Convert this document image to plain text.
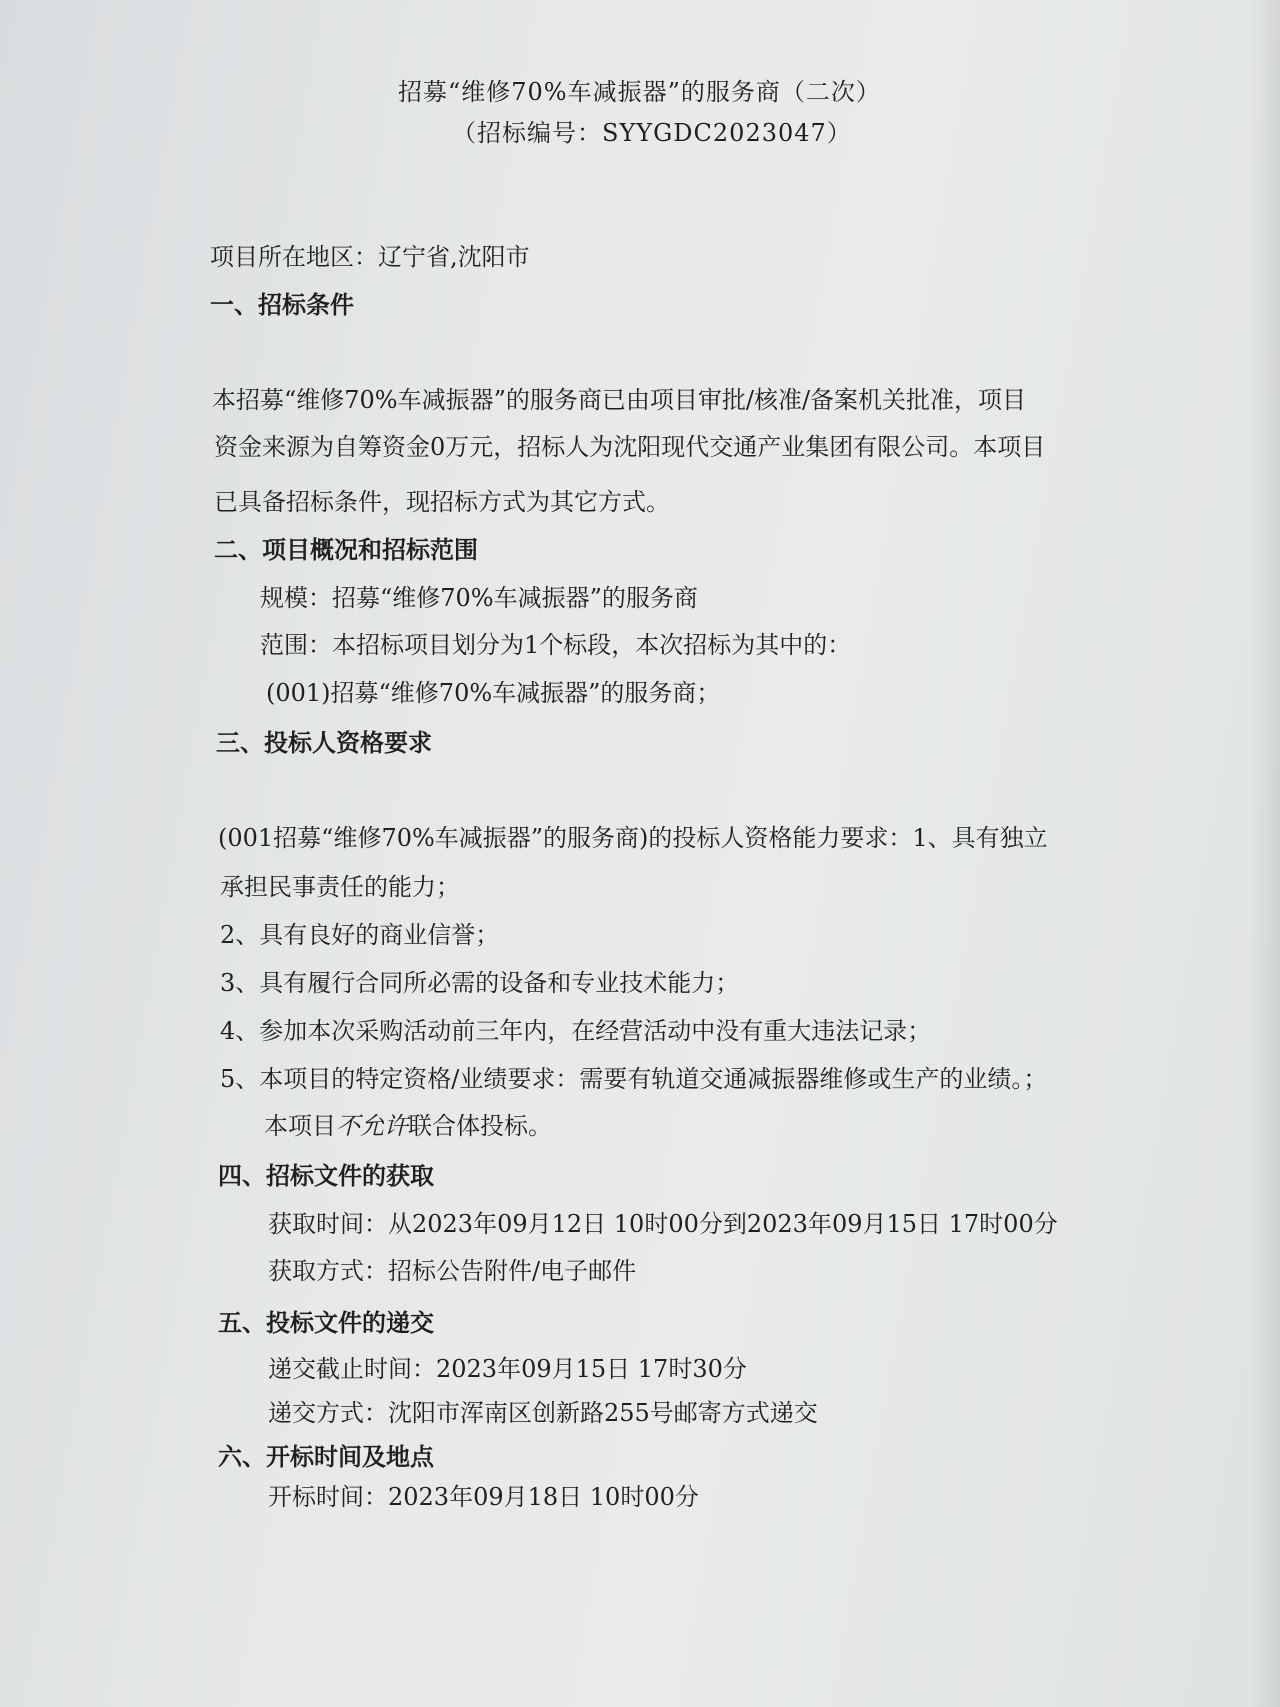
招募“维修70%车减振器”的服务商（二次）
（招标编号：SYYGDC2023047）
项目所在地区：辽宁省,沈阳市
一、招标条件
本招募“维修70%车减振器”的服务商已由项目审批/核准/备案机关批准，项目
资金来源为自筹资金0万元，招标人为沈阳现代交通产业集团有限公司。本项目
已具备招标条件，现招标方式为其它方式。
二、项目概况和招标范围
规模：招募“维修70%车减振器”的服务商
范围：本招标项目划分为1个标段，本次招标为其中的：
(001)招募“维修70%车减振器”的服务商；
三、投标人资格要求
(001招募“维修70%车减振器”的服务商)的投标人资格能力要求：1、具有独立
承担民事责任的能力；
2、具有良好的商业信誉；
3、具有履行合同所必需的设备和专业技术能力；
4、参加本次采购活动前三年内，在经营活动中没有重大违法记录；
5、本项目的特定资格/业绩要求：需要有轨道交通减振器维修或生产的业绩。；
本项目不允许联合体投标。
四、招标文件的获取
获取时间：从2023年09月12日 10时00分到2023年09月15日 17时00分
获取方式：招标公告附件/电子邮件
五、投标文件的递交
递交截止时间：2023年09月15日 17时30分
递交方式：沈阳市浑南区创新路255号邮寄方式递交
六、开标时间及地点
开标时间：2023年09月18日 10时00分
